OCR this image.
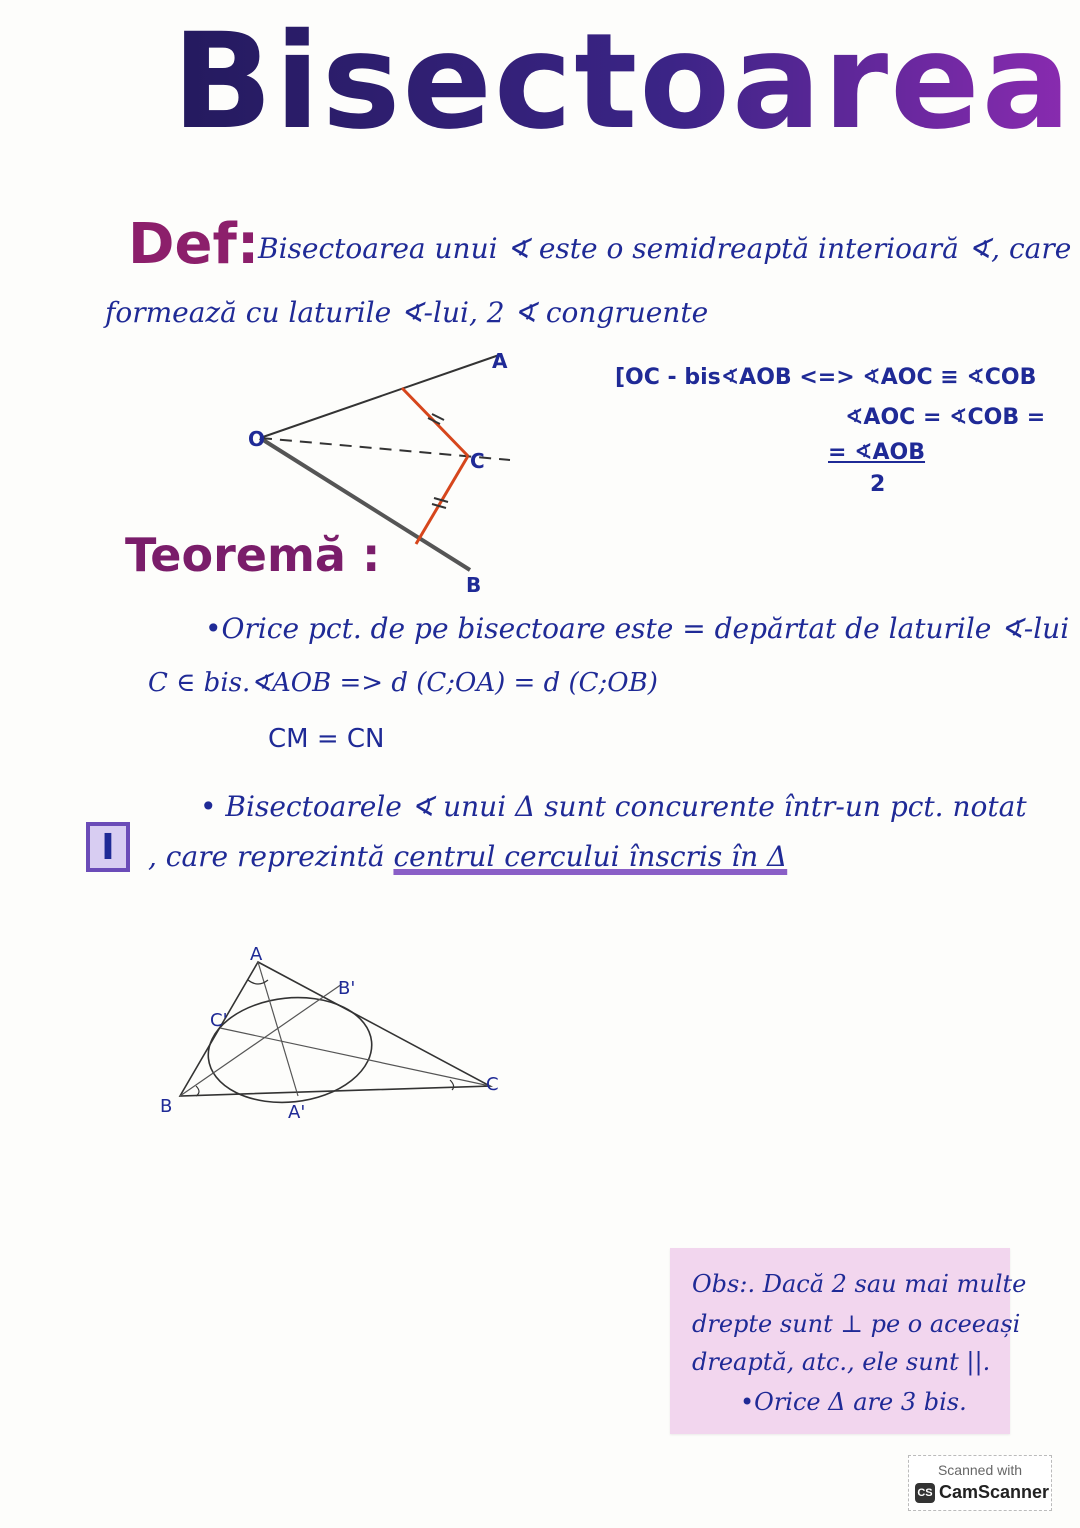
Bisectoarea
Def:
Bisectoarea unui ∢ este o semidreaptă interioară ∢, care
formează cu laturile ∢-lui, 2 ∢ congruente
A
O
C
B
[OC - bis∢AOB <=> ∢AOC ≡ ∢COB
∢AOC = ∢COB =
= ∢AOB
2
Teoremă :
•Orice pct. de pe bisectoare este = depărtat de laturile ∢-lui
C ∈ bis.∢AOB => d (C;OA) = d (C;OB)
CM = CN
• Bisectoarele ∢ unui Δ sunt concurente într-un pct. notat
I	, care reprezintă centrul cercului înscris în Δ
A
B
C
A'
B'
C'
Obs:. Dacă 2 sau mai multe
drepte sunt ⊥ pe o aceeași
dreaptă, atc., ele sunt ||.
•Orice Δ are 3 bis.
Scanned with
CS CamScanner
